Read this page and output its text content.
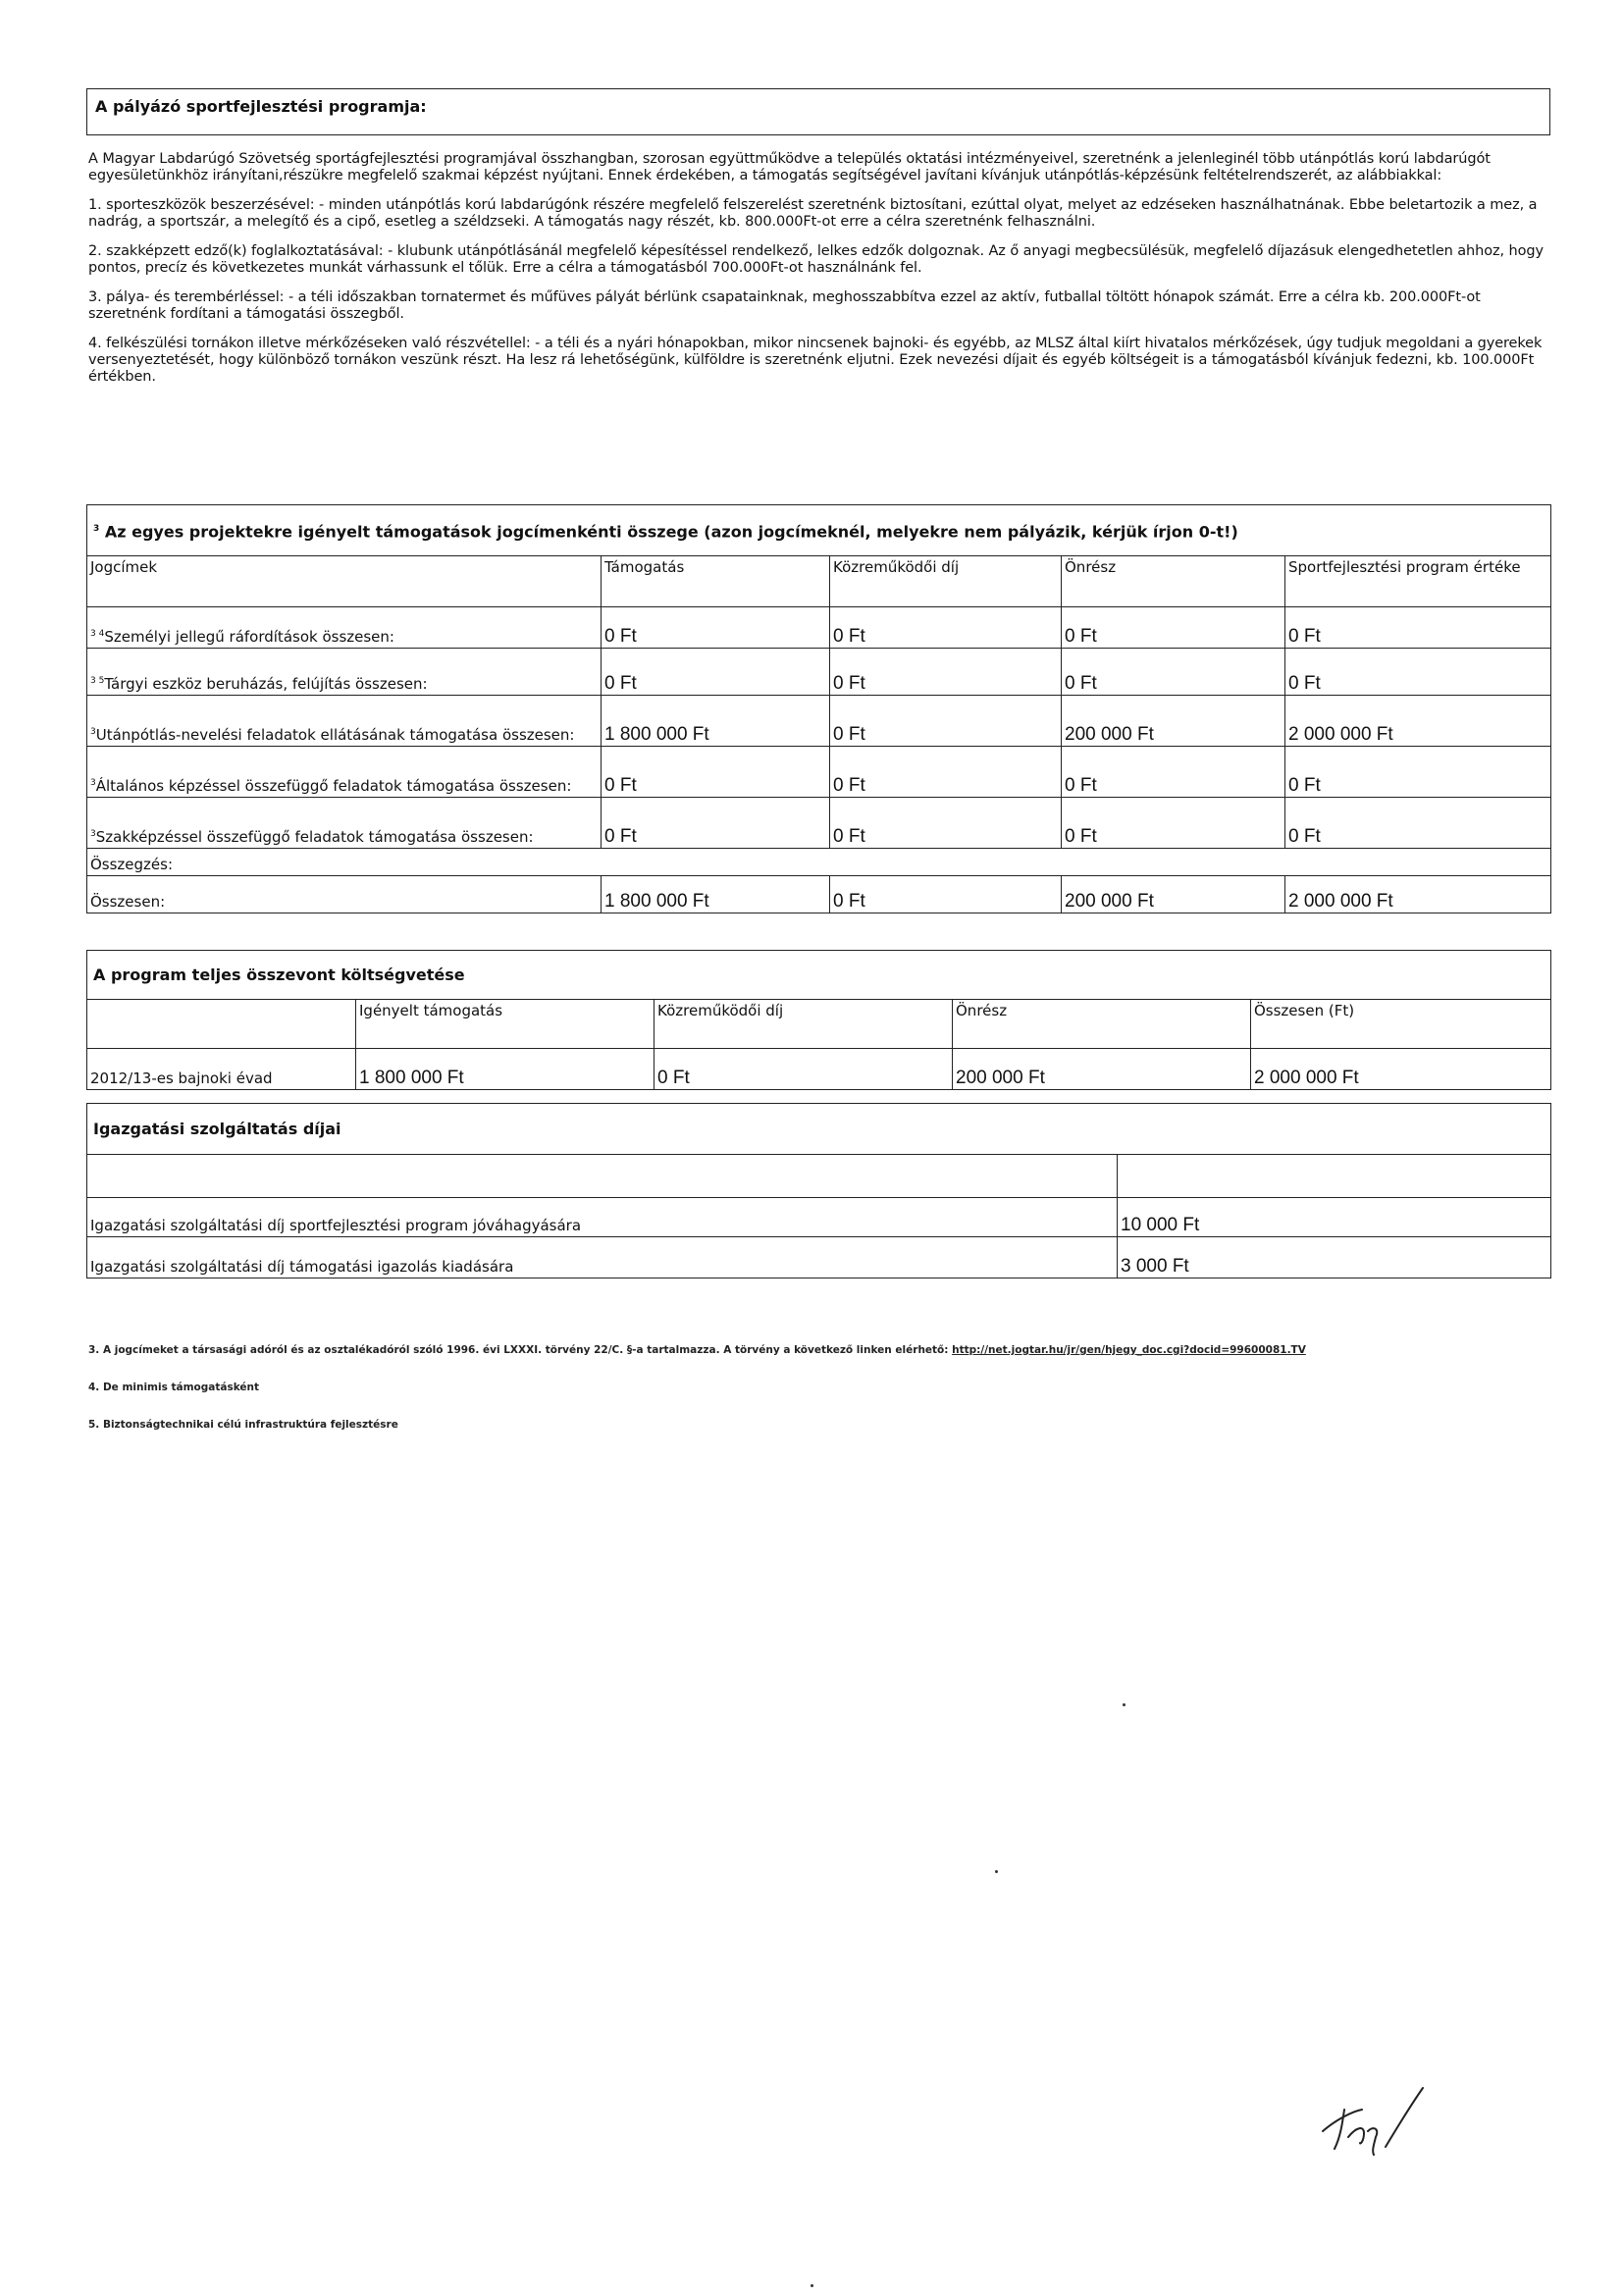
A pályázó sportfejlesztési programja:

A Magyar Labdarúgó Szövetség sportágfejlesztési programjával összhangban, szorosan együttműködve a település oktatási intézményeivel, szeretnénk a jelenleginél több utánpótlás korú labdarúgót egyesületünkhöz irányítani,részükre megfelelő szakmai képzést nyújtani. Ennek érdekében, a támogatás segítségével javítani kívánjuk utánpótlás-képzésünk feltételrendszerét, az alábbiakkal:

1. sporteszközök beszerzésével: - minden utánpótlás korú labdarúgónk részére megfelelő felszerelést szeretnénk biztosítani, ezúttal olyat, melyet az edzéseken használhatnának. Ebbe beletartozik a mez, a nadrág, a sportszár, a melegítő és a cipő, esetleg a széldzseki. A támogatás nagy részét, kb. 800.000Ft-ot erre a célra szeretnénk felhasználni.

2. szakképzett edző(k) foglalkoztatásával: - klubunk utánpótlásánál megfelelő képesítéssel rendelkező, lelkes edzők dolgoznak. Az ő anyagi megbecsülésük, megfelelő díjazásuk elengedhetetlen ahhoz, hogy pontos, precíz és következetes munkát várhassunk el tőlük. Erre a célra a támogatásból 700.000Ft-ot használnánk fel.

3. pálya- és terembérléssel: - a téli időszakban tornatermet és műfüves pályát bérlünk csapatainknak, meghosszabbítva ezzel az aktív, futballal töltött hónapok számát. Erre a célra kb. 200.000Ft-ot szeretnénk fordítani a támogatási összegből.

4. felkészülési tornákon illetve mérkőzéseken való részvétellel: - a téli és a nyári hónapokban, mikor nincsenek bajnoki- és egyébb, az MLSZ által kiírt hivatalos mérkőzések, úgy tudjuk megoldani a gyerekek versenyeztetését, hogy különböző tornákon veszünk részt. Ha lesz rá lehetőségünk, külföldre is szeretnénk eljutni. Ezek nevezési díjait és egyéb költségeit is a támogatásból kívánjuk fedezni, kb. 100.000Ft értékben.

$^3$ Az egyes projektekre igényelt támogatások jogcímenkénti összege (azon jogcímeknél, melyekre nem pályázik, kérjük írjon 0-t!)				
Jogcímek	Támogatás	Közreműködői díj	Önrész	Sportfejlesztési program értéke
$^{3 4}$Személyi jellegű ráfordítások összesen:	0 Ft	0 Ft	0 Ft	0 Ft
$^{3 5}$Tárgyi eszköz beruházás, felújítás összesen:	0 Ft	0 Ft	0 Ft	0 Ft
$^3$Utánpótlás-nevelési feladatok ellátásának támogatása összesen:	1 800 000 Ft	0 Ft	200 000 Ft	2 000 000 Ft
$^3$Általános képzéssel összefüggő feladatok támogatása összesen:	0 Ft	0 Ft	0 Ft	0 Ft
$^3$Szakképzéssel összefüggő feladatok támogatása összesen:	0 Ft	0 Ft	0 Ft	0 Ft
Összegzés:				
Összesen:	1 800 000 Ft	0 Ft	200 000 Ft	2 000 000 Ft
A program teljes összevont költségvetése				
	Igényelt támogatás	Közreműködői díj	Önrész	Összesen (Ft)
2012/13-es bajnoki évad	1 800 000 Ft	0 Ft	200 000 Ft	2 000 000 Ft
Igazgatási szolgáltatás díjai	

Igazgatási szolgáltatási díj sportfejlesztési program jóváhagyására	10 000 Ft
Igazgatási szolgáltatási díj támogatási igazolás kiadására	3 000 Ft
3. A jogcímeket a társasági adóról és az osztalékadóról szóló 1996. évi LXXXI. törvény 22/C. §-a tartalmazza. A törvény a következő linken elérhető: http://net.jogtar.hu/jr/gen/hjegy_doc.cgi?docid=99600081.TV
4. De minimis támogatásként
5. Biztonságtechnikai célú infrastruktúra fejlesztésre
